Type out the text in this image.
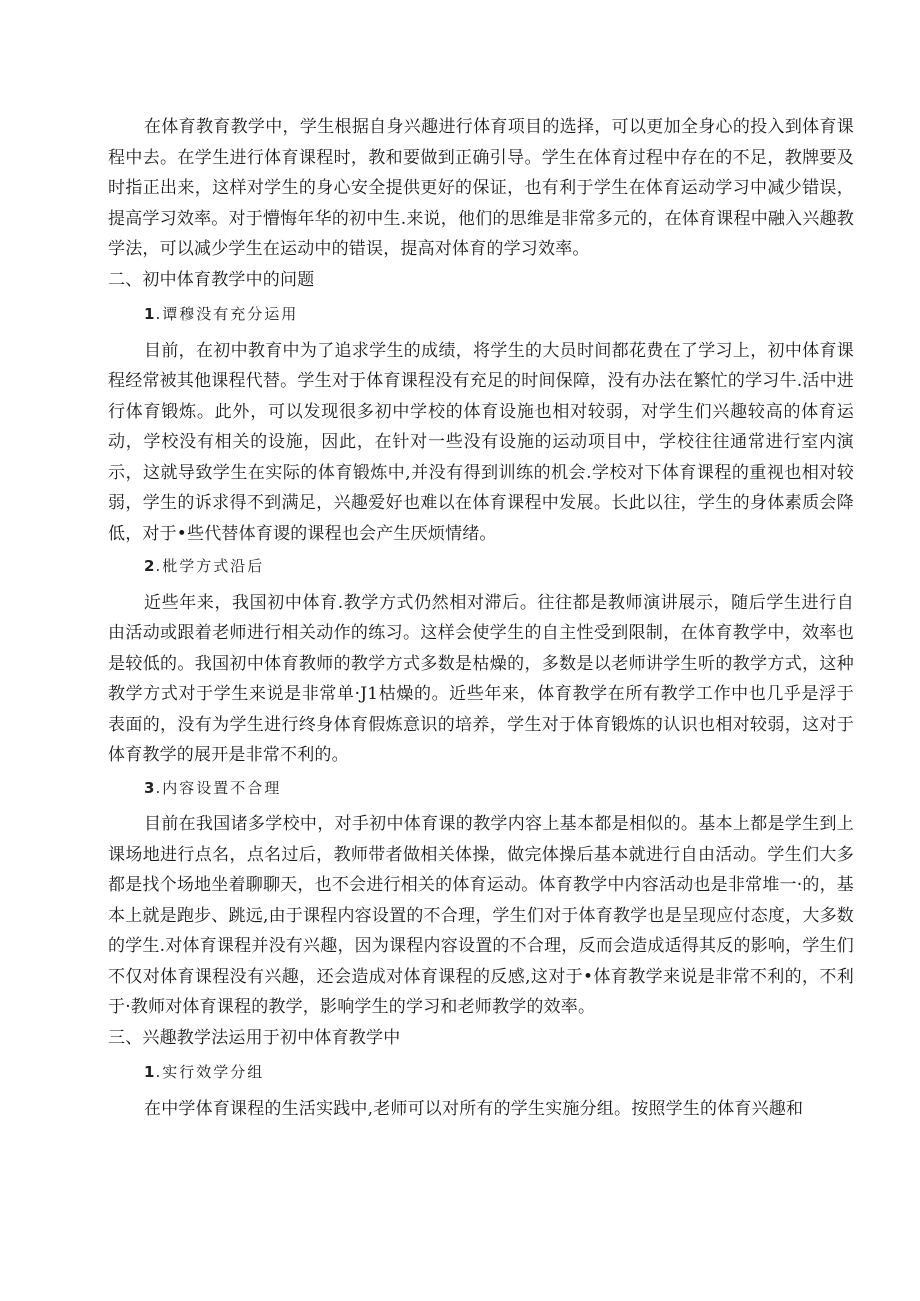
在体育教育教学中，学生根据自身兴趣进行体育项目的选择，可以更加全身心的投入到体育课程中去。在学生进行体育课程时，教和要做到正确引导。学生在体育过程中存在的不足，教牌要及时指正出来，这样对学生的身心安全提供更好的保证，也有利于学生在体育运动学习中减少错误，提高学习效率。对于懵悔年华的初中生.来说，他们的思维是非常多元的，在体育课程中融入兴趣教学法，可以减少学生在运动中的错误，提高对体育的学习效率。

二、初中体育教学中的问题

1.谭穆没有充分运用

目前，在初中教育中为了追求学生的成绩，将学生的大员时间都花费在了学习上，初中体育课程经常被其他课程代替。学生对于体育课程没有充足的时间保障，没有办法在繁忙的学习牛.活中进行体育锻炼。此外，可以发现很多初中学校的体育设施也相对较弱，对学生们兴趣较高的体育运动，学校没有相关的设施，因此，在针对一些没有设施的运动项目中，学校往往通常进行室内演示，这就导致学生在实际的体育锻炼中,并没有得到训练的机会.学校对下体育课程的重视也相对较弱，学生的诉求得不到满足，兴趣爱好也难以在体育课程中发展。长此以往，学生的身体素质会降低，对于•些代替体育谡的课程也会产生厌烦情绪。

2.枇学方式沿后

近些年来，我国初中体育.教学方式仍然相对滞后。往往都是教师演讲展示，随后学生进行自由活动或跟着老师进行相关动作的练习。这样会使学生的自主性受到限制，在体育教学中，效率也是较低的。我国初中体育教师的教学方式多数是枯燥的，多数是以老师讲学生听的教学方式，这种教学方式对于学生来说是非常单·J1枯燥的。近些年来，体育教学在所有教学工作中也几乎是浮于表面的，没有为学生进行终身体育假炼意识的培养，学生对于体育锻炼的认识也相对较弱，这对于体育教学的展开是非常不利的。

3.内容设置不合理

目前在我国诸多学校中，对手初中体育课的教学内容上基本都是相似的。基本上都是学生到上课场地进行点名，点名过后，教师带者做相关体操，做完体操后基本就进行自由活动。学生们大多都是找个场地坐着聊聊天，也不会进行相关的体育运动。体育教学中内容活动也是非常堆一·的，基本上就是跑步、跳远,由于课程内容设置的不合理，学生们对于体育教学也是呈现应付态度，大多数的学生.对体育课程并没有兴趣，因为课程内容设置的不合理，反而会造成适得其反的影响，学生们不仅对体育课程没有兴趣，还会造成对体育课程的反感,这对于•体育教学来说是非常不利的，不利于·教师对体育课程的教学，影响学生的学习和老师教学的效率。

三、兴趣教学法运用于初中体育教学中

1.实行效学分组

在中学体育课程的生活实践中,老师可以对所有的学生实施分组。按照学生的体育兴趣和
